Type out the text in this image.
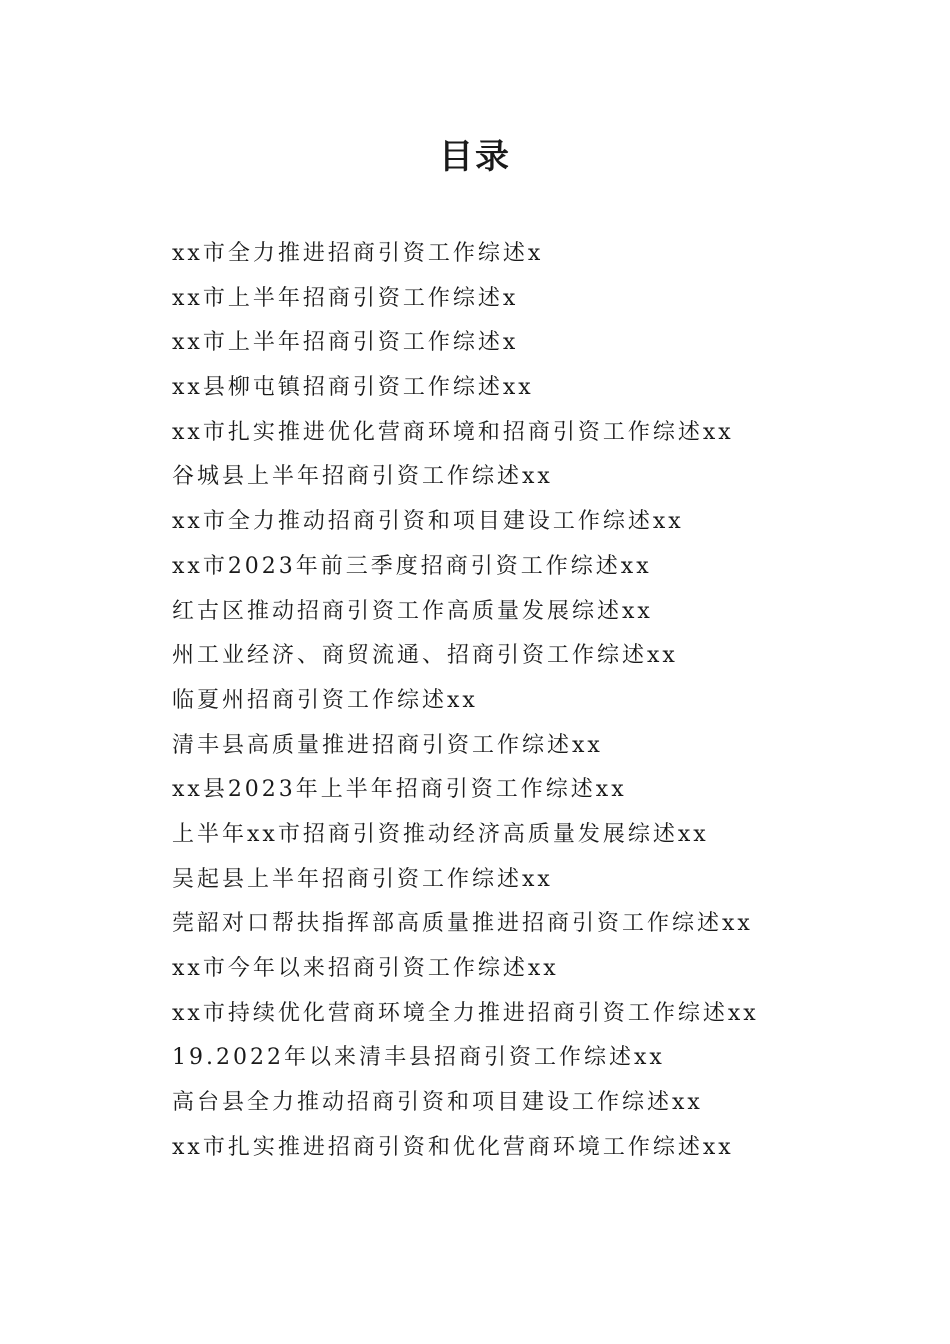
目录
xx市全力推进招商引资工作综述x
xx市上半年招商引资工作综述x
xx市上半年招商引资工作综述x
xx县柳屯镇招商引资工作综述xx
xx市扎实推进优化营商环境和招商引资工作综述xx
谷城县上半年招商引资工作综述xx
xx市全力推动招商引资和项目建设工作综述xx
xx市2023年前三季度招商引资工作综述xx
红古区推动招商引资工作高质量发展综述xx
州工业经济、商贸流通、招商引资工作综述xx
临夏州招商引资工作综述xx
清丰县高质量推进招商引资工作综述xx
xx县2023年上半年招商引资工作综述xx
上半年xx市招商引资推动经济高质量发展综述xx
吴起县上半年招商引资工作综述xx
莞韶对口帮扶指挥部高质量推进招商引资工作综述xx
xx市今年以来招商引资工作综述xx
xx市持续优化营商环境全力推进招商引资工作综述xx
19.2022年以来清丰县招商引资工作综述xx
高台县全力推动招商引资和项目建设工作综述xx
xx市扎实推进招商引资和优化营商环境工作综述xx
